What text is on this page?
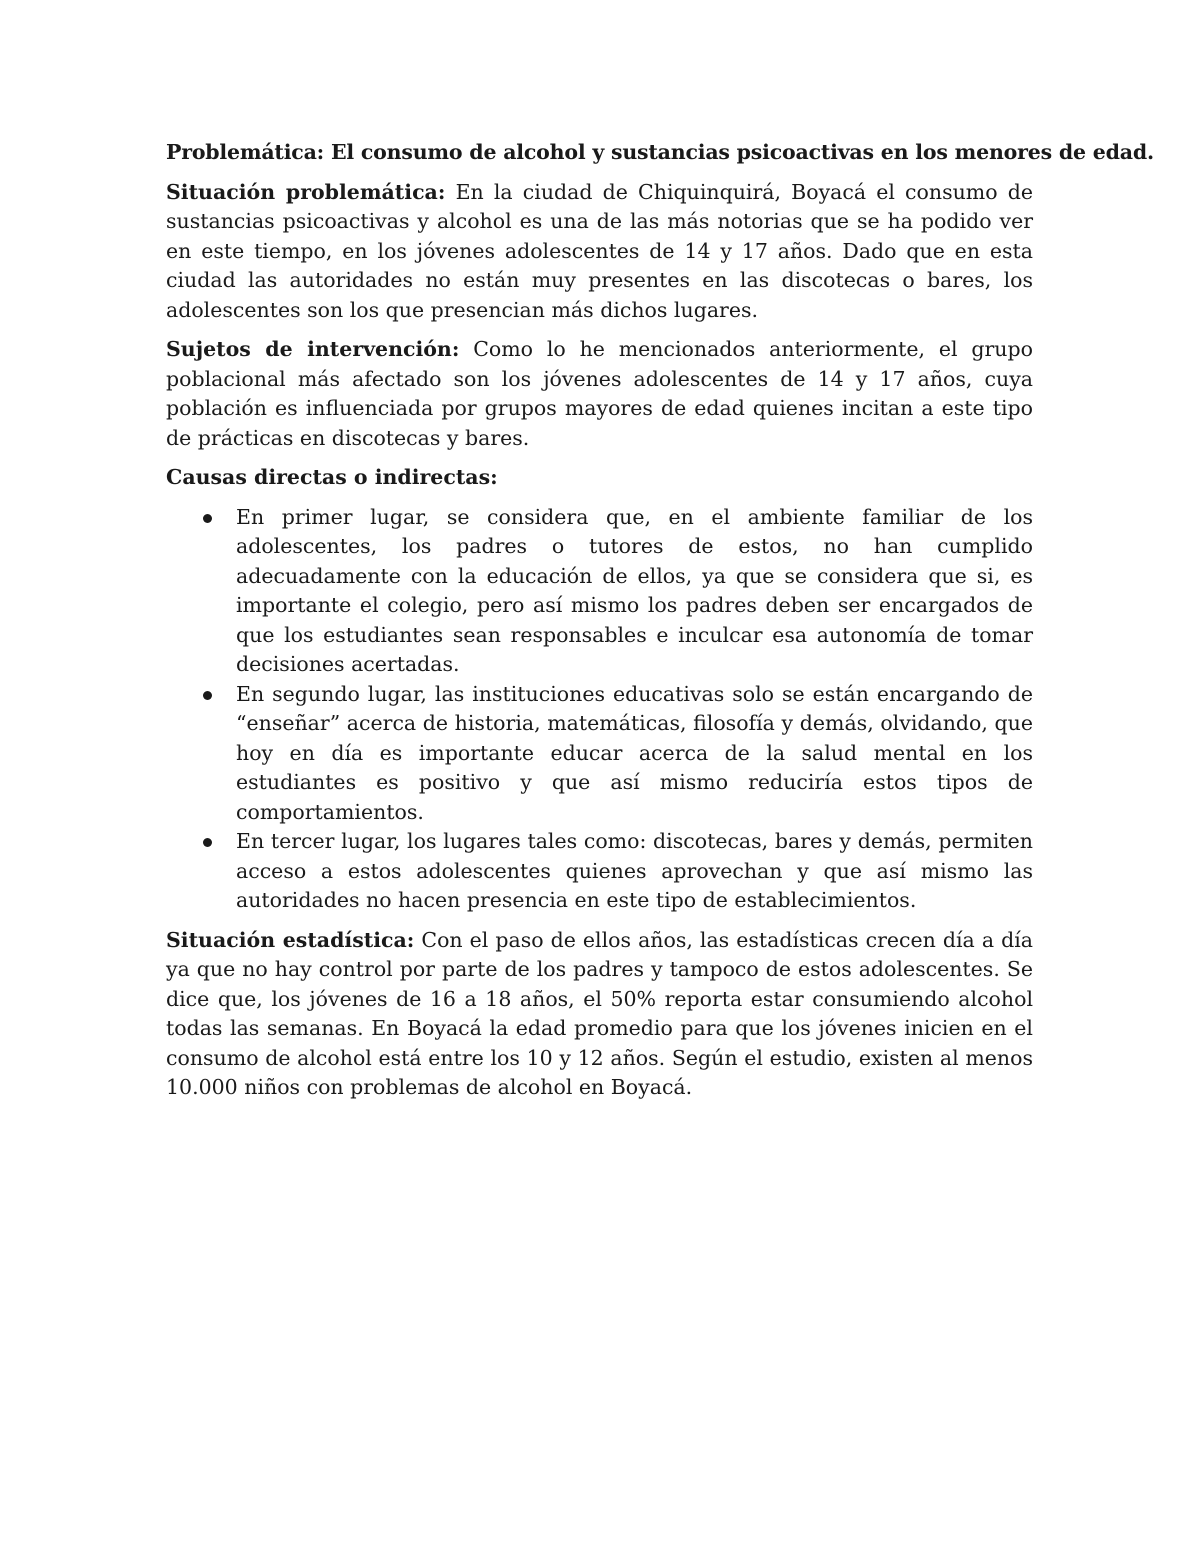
Problemática: El consumo de alcohol y sustancias psicoactivas en los menores de edad.

Situación problemática: En la ciudad de Chiquinquirá, Boyacá el consumo de sustancias psicoactivas y alcohol es una de las más notorias que se ha podido ver en este tiempo, en los jóvenes adolescentes de 14 y 17 años. Dado que en esta ciudad las autoridades no están muy presentes en las discotecas o bares, los adolescentes son los que presencian más dichos lugares.

Sujetos de intervención: Como lo he mencionados anteriormente, el grupo poblacional más afectado son los jóvenes adolescentes de 14 y 17 años, cuya población es influenciada por grupos mayores de edad quienes incitan a este tipo de prácticas en discotecas y bares.

Causas directas o indirectas:

En primer lugar, se considera que, en el ambiente familiar de los adolescentes, los padres o tutores de estos, no han cumplido adecuadamente con la educación de ellos, ya que se considera que si, es importante el colegio, pero así mismo los padres deben ser encargados de que los estudiantes sean responsables e inculcar esa autonomía de tomar decisiones acertadas.
En segundo lugar, las instituciones educativas solo se están encargando de “enseñar” acerca de historia, matemáticas, filosofía y demás, olvidando, que hoy en día es importante educar acerca de la salud mental en los estudiantes es positivo y que así mismo reduciría estos tipos de comportamientos.
En tercer lugar, los lugares tales como: discotecas, bares y demás, permiten acceso a estos adolescentes quienes aprovechan y que así mismo las autoridades no hacen presencia en este tipo de establecimientos.

Situación estadística: Con el paso de ellos años, las estadísticas crecen día a día ya que no hay control por parte de los padres y tampoco de estos adolescentes. Se dice que, los jóvenes de 16 a 18 años, el 50% reporta estar consumiendo alcohol todas las semanas. En Boyacá la edad promedio para que los jóvenes inicien en el consumo de alcohol está entre los 10 y 12 años. Según el estudio, existen al menos 10.000 niños con problemas de alcohol en Boyacá.
